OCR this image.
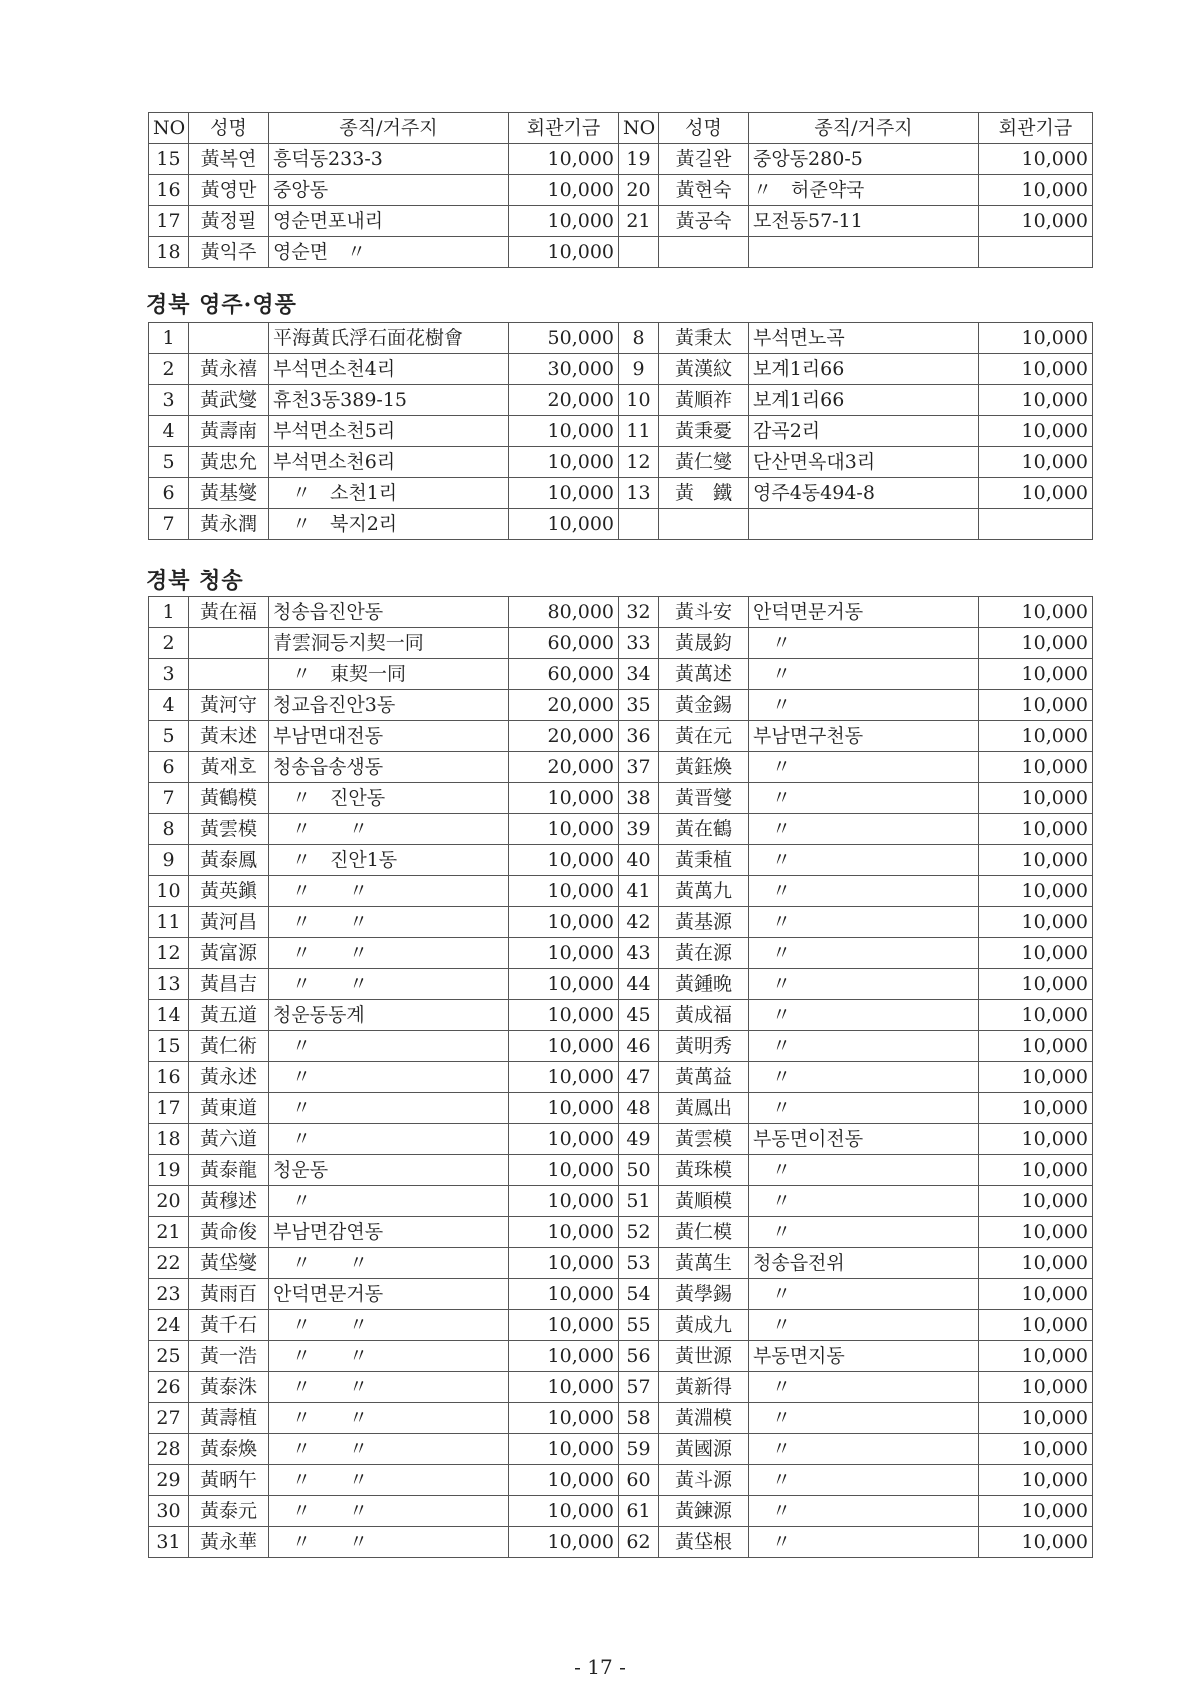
NO	성명	종직/거주지	회관기금	NO	성명	종직/거주지	회관기금
15	黃복연	흥덕동233-3	10,000	19	黃길완	중앙동280-5	10,000
16	黃영만	중앙동	10,000	20	黃현숙	〃　허준약국	10,000
17	黃정필	영순면포내리	10,000	21	黃공숙	모전동57-11	10,000
18	黃익주	영순면　〃	10,000				
경북 영주·영풍
1		平海黃氏浮石面花樹會	50,000	8	黃秉太	부석면노곡	10,000
2	黃永禧	부석면소천4리	30,000	9	黃漢紋	보계1리66	10,000
3	黃武燮	휴천3동389-15	20,000	10	黃順祚	보계1리66	10,000
4	黃壽南	부석면소천5리	10,000	11	黃秉憂	감곡2리	10,000
5	黃忠允	부석면소천6리	10,000	12	黃仁燮	단산면옥대3리	10,000
6	黃基燮	　〃　소천1리	10,000	13	黃　鐵	영주4동494-8	10,000
7	黃永潤	　〃　북지2리	10,000				
경북 청송
1	黃在福	청송읍진안동	80,000	32	黃斗安	안덕면문거동	10,000
2		青雲洞등지契一同	60,000	33	黃晟鈞	　〃	10,000
3		　〃　東契一同	60,000	34	黃萬述	　〃	10,000
4	黃河守	청교읍진안3동	20,000	35	黃金錫	　〃	10,000
5	黃末述	부남면대전동	20,000	36	黃在元	부남면구천동	10,000
6	黃재호	청송읍송생동	20,000	37	黃鈺煥	　〃	10,000
7	黃鶴模	　〃　진안동	10,000	38	黃晋燮	　〃	10,000
8	黃雲模	　〃　　〃	10,000	39	黃在鶴	　〃	10,000
9	黃泰鳳	　〃　진안1동	10,000	40	黃秉植	　〃	10,000
10	黃英鎭	　〃　　〃	10,000	41	黃萬九	　〃	10,000
11	黃河昌	　〃　　〃	10,000	42	黃基源	　〃	10,000
12	黃富源	　〃　　〃	10,000	43	黃在源	　〃	10,000
13	黃昌吉	　〃　　〃	10,000	44	黃鍾晩	　〃	10,000
14	黃五道	청운동동계	10,000	45	黃成福	　〃	10,000
15	黃仁術	　〃	10,000	46	黃明秀	　〃	10,000
16	黃永述	　〃	10,000	47	黃萬益	　〃	10,000
17	黃東道	　〃	10,000	48	黃鳳出	　〃	10,000
18	黃六道	　〃	10,000	49	黃雲模	부동면이전동	10,000
19	黃泰龍	청운동	10,000	50	黃珠模	　〃	10,000
20	黃穆述	　〃	10,000	51	黃順模	　〃	10,000
21	黃命俊	부남면감연동	10,000	52	黃仁模	　〃	10,000
22	黃垈燮	　〃　　〃	10,000	53	黃萬生	청송읍전위	10,000
23	黃雨百	안덕면문거동	10,000	54	黃學錫	　〃	10,000
24	黃千石	　〃　　〃	10,000	55	黃成九	　〃	10,000
25	黃一浩	　〃　　〃	10,000	56	黃世源	부동면지동	10,000
26	黃泰洙	　〃　　〃	10,000	57	黃新得	　〃	10,000
27	黃壽植	　〃　　〃	10,000	58	黃淵模	　〃	10,000
28	黃泰煥	　〃　　〃	10,000	59	黃國源	　〃	10,000
29	黃昞午	　〃　　〃	10,000	60	黃斗源	　〃	10,000
30	黃泰元	　〃　　〃	10,000	61	黃鍊源	　〃	10,000
31	黃永華	　〃　　〃	10,000	62	黃垈根	　〃	10,000
- 17 -
